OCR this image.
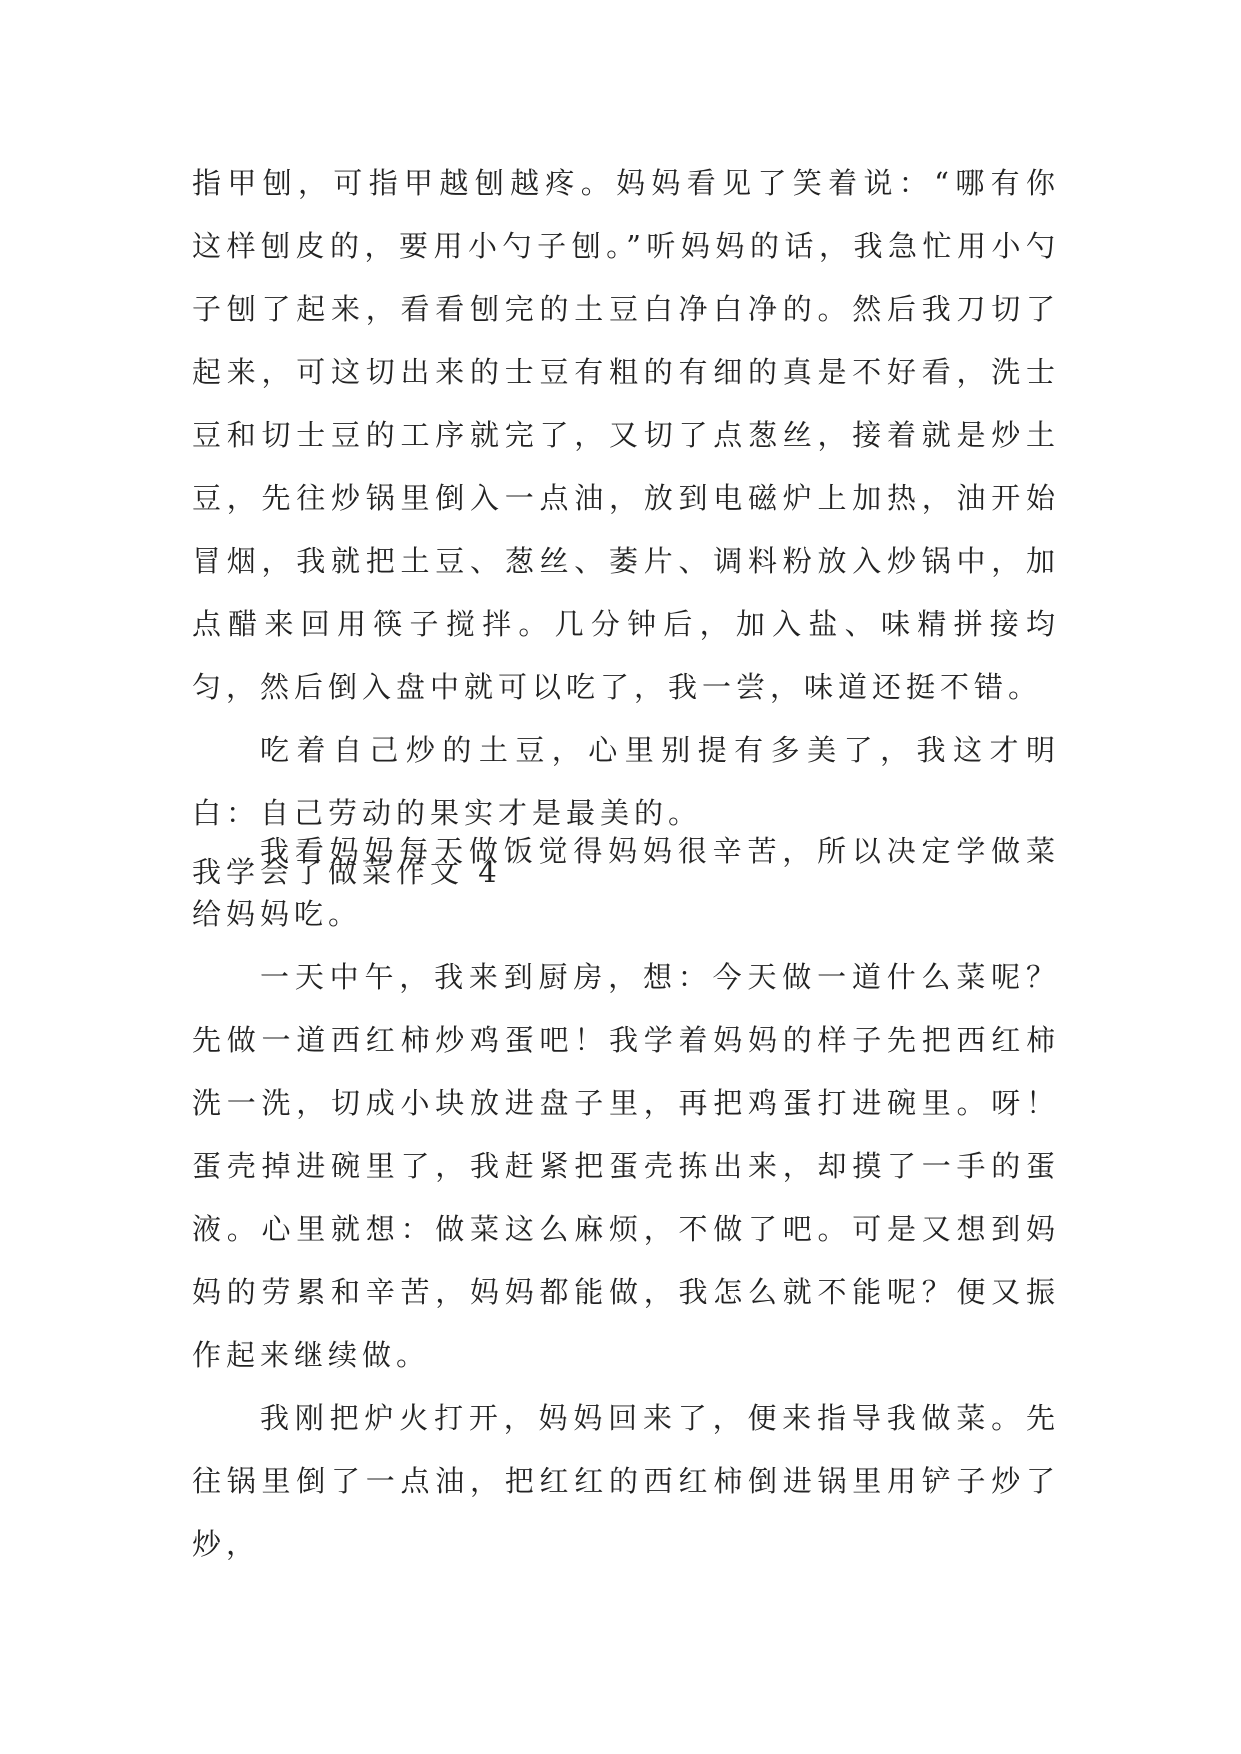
指甲刨，可指甲越刨越疼。妈妈看见了笑着说：“哪有你这样刨皮的，要用小勺子刨。”听妈妈的话，我急忙用小勺子刨了起来，看看刨完的土豆白净白净的。然后我刀切了起来，可这切出来的士豆有粗的有细的真是不好看，洗士豆和切士豆的工序就完了，又切了点葱丝，接着就是炒土豆，先往炒锅里倒入一点油，放到电磁炉上加热，油开始冒烟，我就把土豆、葱丝、萎片、调料粉放入炒锅中，加点醋来回用筷子搅拌。几分钟后，加入盐、味精拼接均匀，然后倒入盘中就可以吃了，我一尝，味道还挺不错。

吃着自己炒的土豆，心里别提有多美了，我这才明白：自己劳动的果实才是最美的。

我学会了做菜作文 4

我看妈妈每天做饭觉得妈妈很辛苦，所以决定学做菜给妈妈吃。

一天中午，我来到厨房，想：今天做一道什么菜呢？先做一道西红柿炒鸡蛋吧！我学着妈妈的样子先把西红柿洗一洗，切成小块放进盘子里，再把鸡蛋打进碗里。呀！蛋壳掉进碗里了，我赶紧把蛋壳拣出来，却摸了一手的蛋液。心里就想：做菜这么麻烦，不做了吧。可是又想到妈妈的劳累和辛苦，妈妈都能做，我怎么就不能呢？便又振作起来继续做。

我刚把炉火打开，妈妈回来了，便来指导我做菜。先往锅里倒了一点油，把红红的西红柿倒进锅里用铲子炒了炒，
